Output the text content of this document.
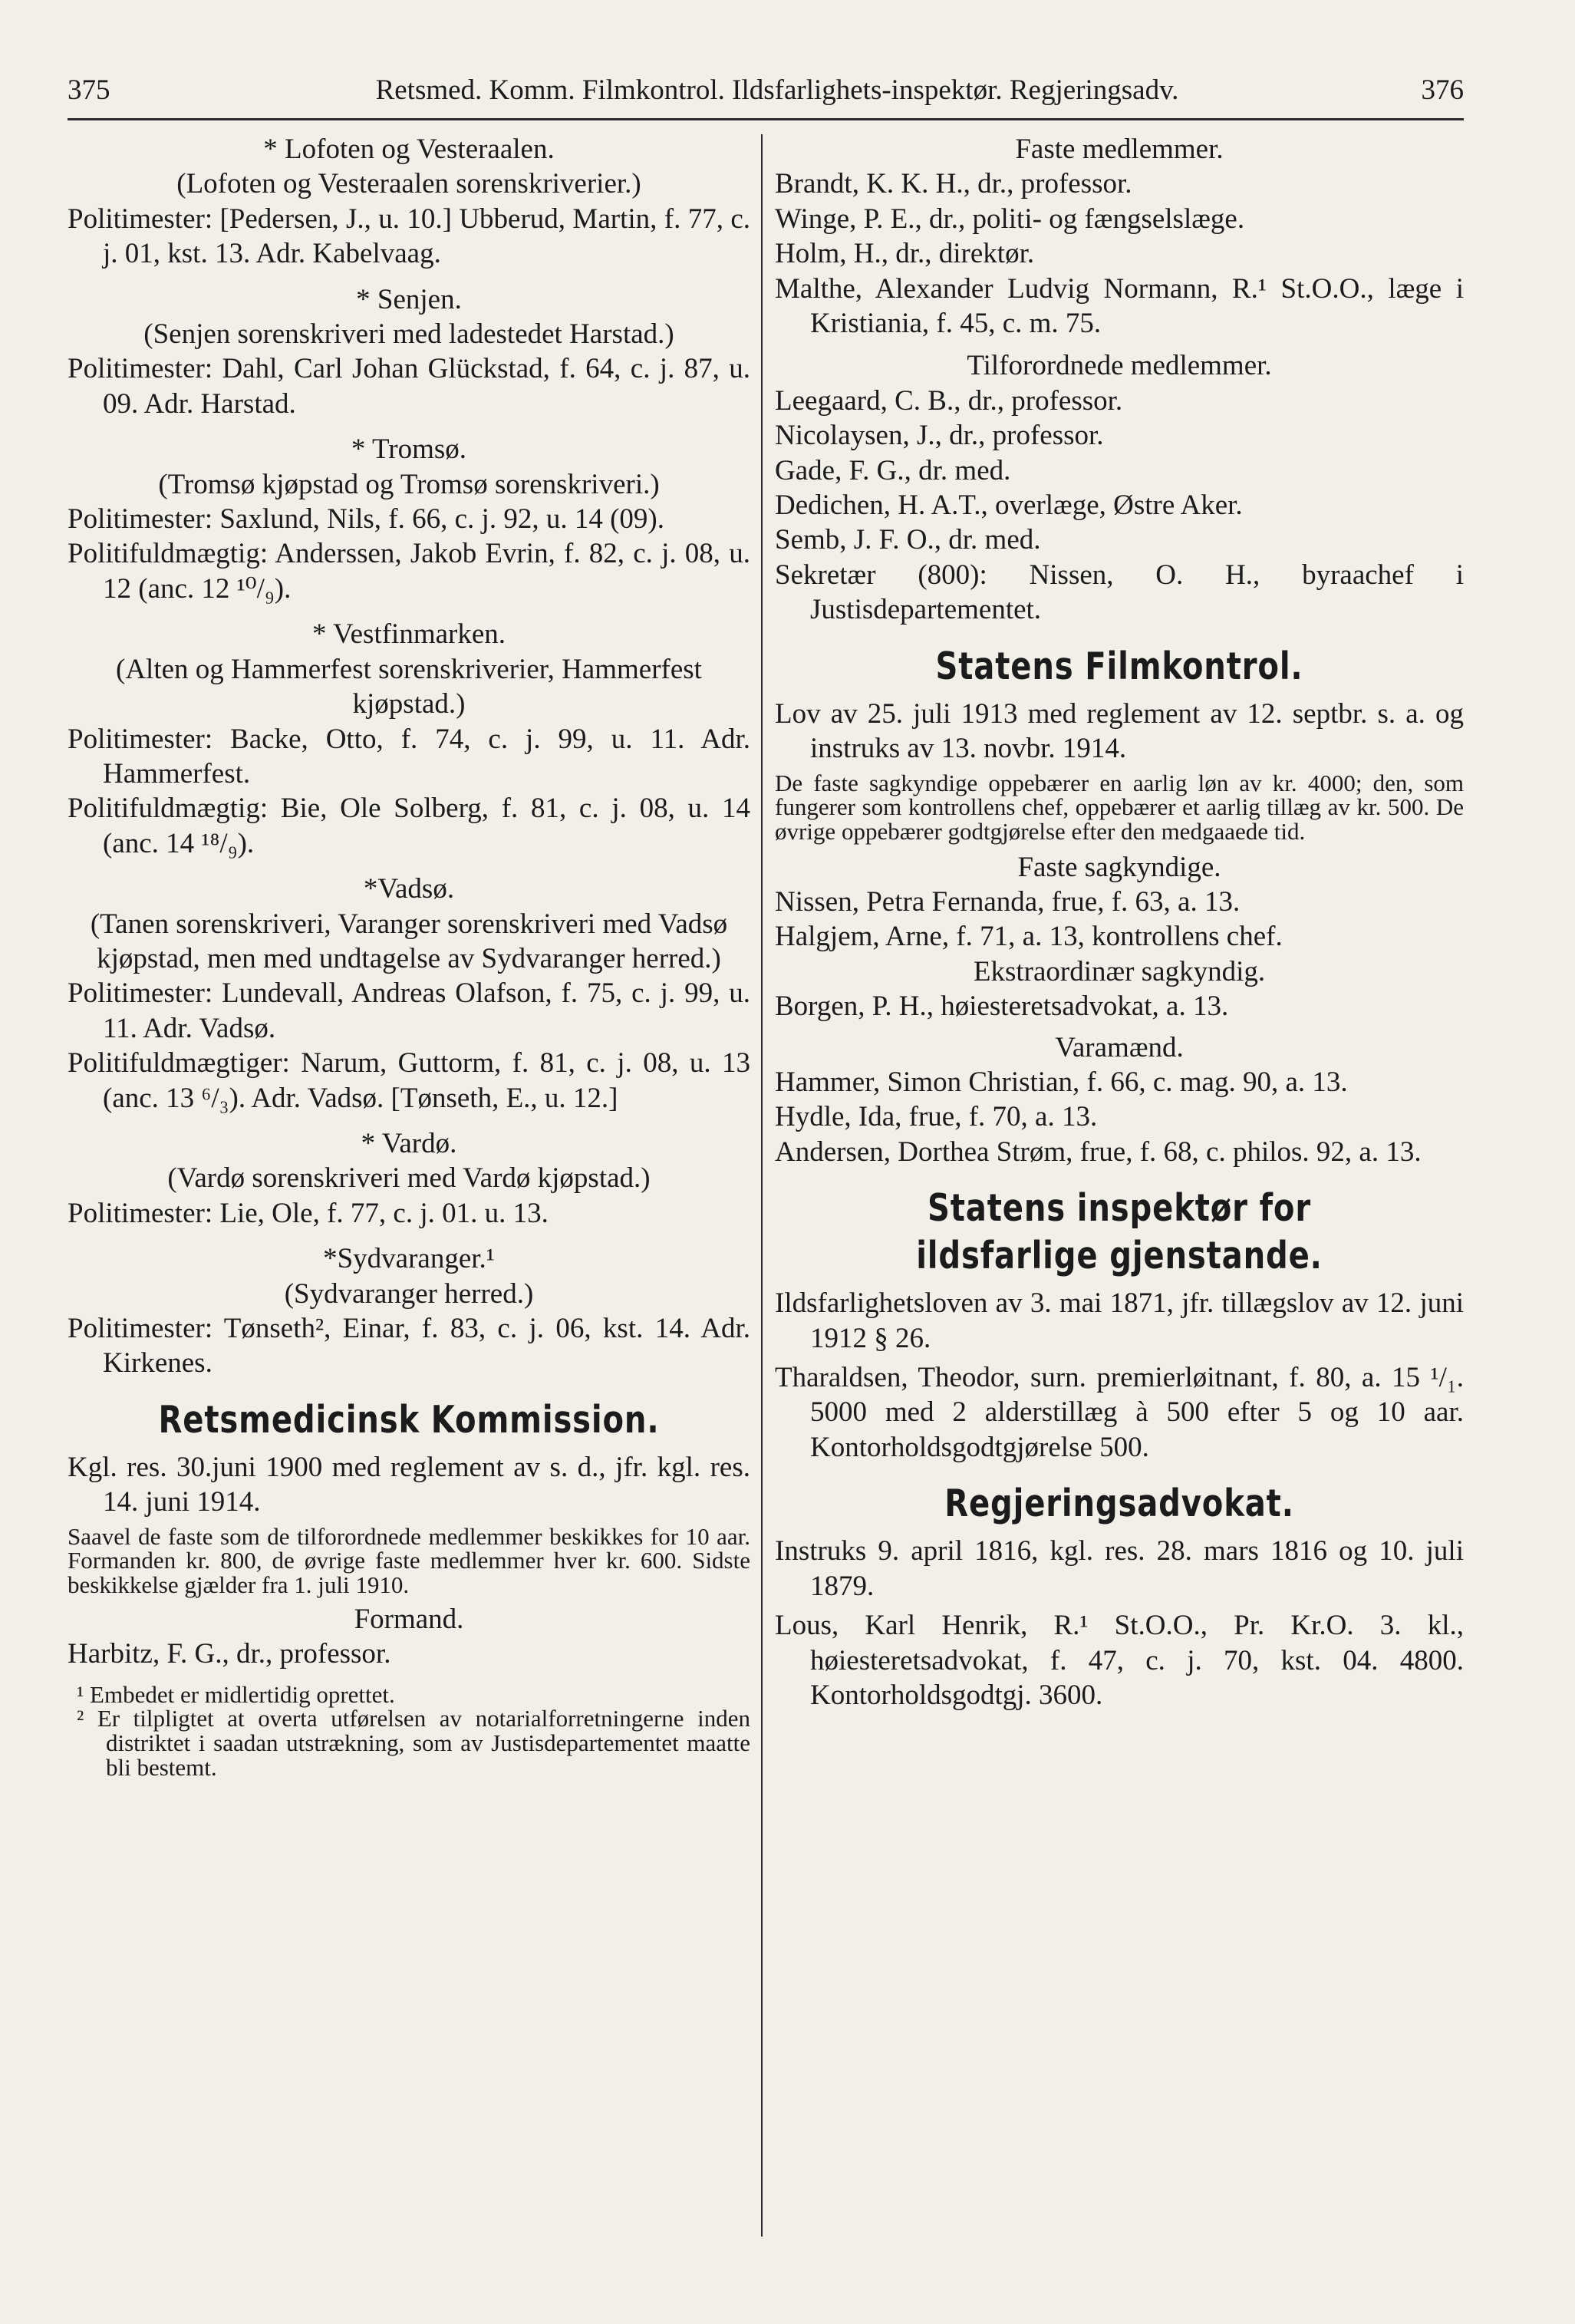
375	Retsmed. Komm. Filmkontrol. Ildsfarlighets-inspektør. Regjeringsadv.	376

* Lofoten og Vesteraalen.

(Lofoten og Vesteraalen sorenskriverier.)

Politimester: [Pedersen, J., u. 10.] Ubberud, Martin, f. 77, c. j. 01, kst. 13. Adr. Kabelvaag.

* Senjen.

(Senjen sorenskriveri med ladestedet Harstad.)

Politimester: Dahl, Carl Johan Glückstad, f. 64, c. j. 87, u. 09. Adr. Harstad.

* Tromsø.

(Tromsø kjøpstad og Tromsø sorenskriveri.)

Politimester: Saxlund, Nils, f. 66, c. j. 92, u. 14 (09).

Politifuldmægtig: Anderssen, Jakob Evrin, f. 82, c. j. 08, u. 12 (anc. 12 ¹⁰/₉).

* Vestfinmarken.

(Alten og Hammerfest sorenskriverier, Hammerfest kjøpstad.)

Politimester: Backe, Otto, f. 74, c. j. 99, u. 11. Adr. Hammerfest.

Politifuldmægtig: Bie, Ole Solberg, f. 81, c. j. 08, u. 14 (anc. 14 ¹⁸/₉).

*Vadsø.

(Tanen sorenskriveri, Varanger sorenskriveri med Vadsø kjøpstad, men med undtagelse av Sydvaranger herred.)

Politimester: Lundevall, Andreas Olafson, f. 75, c. j. 99, u. 11. Adr. Vadsø.

Politifuldmægtiger: Narum, Guttorm, f. 81, c. j. 08, u. 13 (anc. 13 ⁶/₃). Adr. Vadsø. [Tønseth, E., u. 12.]

* Vardø.

(Vardø sorenskriveri med Vardø kjøpstad.)

Politimester: Lie, Ole, f. 77, c. j. 01. u. 13.

*Sydvaranger.¹

(Sydvaranger herred.)

Politimester: Tønseth², Einar, f. 83, c. j. 06, kst. 14. Adr. Kirkenes.

Retsmedicinsk Kommission.

Kgl. res. 30.juni 1900 med reglement av s. d., jfr. kgl. res. 14. juni 1914.

Saavel de faste som de tilforordnede medlemmer beskikkes for 10 aar. Formanden kr. 800, de øvrige faste medlemmer hver kr. 600. Sidste beskikkelse gjælder fra 1. juli 1910.

Formand.

Harbitz, F. G., dr., professor.

¹ Embedet er midlertidig oprettet.

² Er tilpligtet at overta utførelsen av notarialforretningerne inden distriktet i saadan utstrækning, som av Justisdepartementet maatte bli bestemt.

Faste medlemmer.

Brandt, K. K. H., dr., professor.

Winge, P. E., dr., politi- og fængselslæge.

Holm, H., dr., direktør.

Malthe, Alexander Ludvig Normann, R.¹ St.O.O., læge i Kristiania, f. 45, c. m. 75.

Tilforordnede medlemmer.

Leegaard, C. B., dr., professor.

Nicolaysen, J., dr., professor.

Gade, F. G., dr. med.

Dedichen, H. A.T., overlæge, Østre Aker.

Semb, J. F. O., dr. med.

Sekretær (800): Nissen, O. H., byraachef i Justisdepartementet.

Statens Filmkontrol.

Lov av 25. juli 1913 med reglement av 12. septbr. s. a. og instruks av 13. novbr. 1914.

De faste sagkyndige oppebærer en aarlig løn av kr. 4000; den, som fungerer som kontrollens chef, oppebærer et aarlig tillæg av kr. 500. De øvrige oppebærer godtgjørelse efter den medgaaede tid.

Faste sagkyndige.

Nissen, Petra Fernanda, frue, f. 63, a. 13.

Halgjem, Arne, f. 71, a. 13, kontrollens chef.

Ekstraordinær sagkyndig.

Borgen, P. H., høiesteretsadvokat, a. 13.

Varamænd.

Hammer, Simon Christian, f. 66, c. mag. 90, a. 13.

Hydle, Ida, frue, f. 70, a. 13.

Andersen, Dorthea Strøm, frue, f. 68, c. philos. 92, a. 13.

Statens inspektør for ildsfarlige gjenstande.

Ildsfarlighetsloven av 3. mai 1871, jfr. tillægslov av 12. juni 1912 § 26.

Tharaldsen, Theodor, surn. premierløitnant, f. 80, a. 15 ¹/₁. 5000 med 2 alderstillæg à 500 efter 5 og 10 aar. Kontorholdsgodtgjørelse 500.

Regjeringsadvokat.

Instruks 9. april 1816, kgl. res. 28. mars 1816 og 10. juli 1879.

Lous, Karl Henrik, R.¹ St.O.O., Pr. Kr.O. 3. kl., høiesteretsadvokat, f. 47, c. j. 70, kst. 04. 4800. Kontorholdsgodtgj. 3600.
